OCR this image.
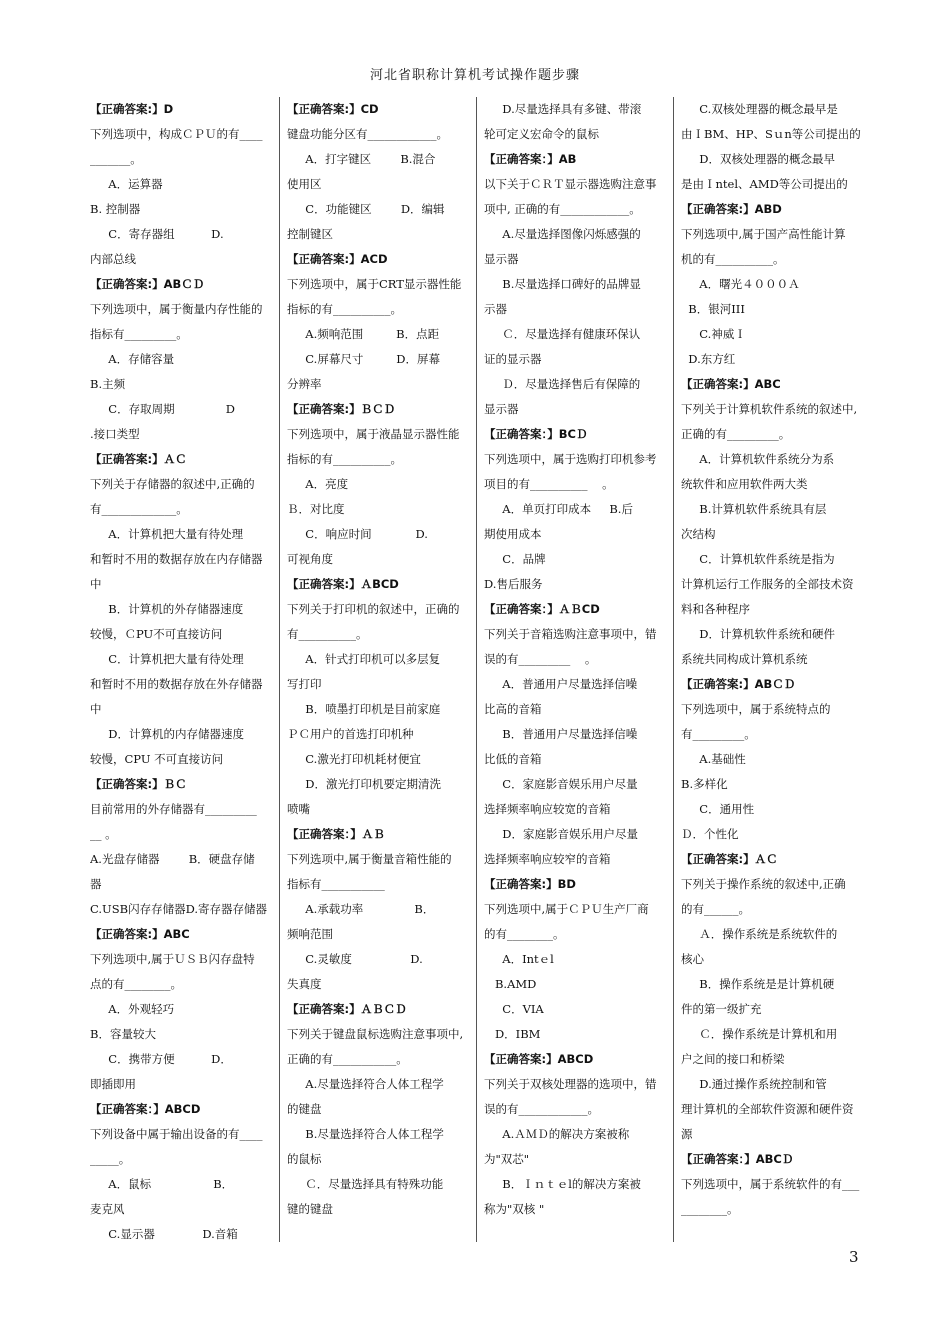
河北省职称计算机考试操作题步骤
【正确答案:】D
下列选项中，构成ＣＰＵ的有____
_______。
A．运算器
B. 控制器
C．寄存器组          D.
内部总线
【正确答案:】ABＣＤ
下列选项中，属于衡量内存性能的
指标有_________。
A．存储容量
B.主频
C．存取周期              D
.接口类型
【正确答案:】ＡＣ
下列关于存储器的叙述中,正确的
有_____________。
A．计算机把大量有待处理
和暂时不用的数据存放在内存储器
中
B．计算机的外存储器速度
较慢，ＣPU不可直接访问
C．计算机把大量有待处理
和暂时不用的数据存放在外存储器
中
D．计算机的内存储器速度
较慢，CPU 不可直接访问
【正确答案:】ＢＣ
目前常用的外存储器有_________
__ 。
A.光盘存储器        B．硬盘存储
器
C.USB闪存存储器D.寄存器存储器
【正确答案:】ABC
下列选项中,属于ＵＳＢ闪存盘特
点的有________。
A．外观轻巧
B．容量较大
C．携带方便          D．
即插即用
【正确答案：】ABCD
下列设备中属于输出设备的有____
_____。
A．鼠标                 B．
麦克风
C.显示器             D.音箱
【正确答案:】CD
键盘功能分区有____________。
A．打字键区        B.混合
使用区
C．功能键区        D．编辑
控制键区
【正确答案:】ACD
下列选项中，属于CRT显示器性能
指标的有__________。
A.频响范围         B．点距
C.屏幕尺寸         D．屏幕
分辨率
【正确答案:】ＢＣＤ
下列选项中，属于液晶显示器性能
指标的有__________。
A．亮度
Ｂ．对比度
C．响应时间            D.
可视角度
【正确答案:】ＡBCD
下列关于打印机的叙述中，正确的
有__________。
A．针式打印机可以多层复
写打印
B．喷墨打印机是目前家庭
ＰＣ用户的首选打印机种
C.激光打印机耗材便宜
D．激光打印机要定期清洗
喷嘴
【正确答案：】ＡＢ
下列选项中,属于衡量音箱性能的
指标有___________
A.承载功率              B．
频响范围
C.灵敏度                D.
失真度
【正确答案:】ＡＢＣＤ
下列关于键盘鼠标选购注意事项中,
正确的有___________。
A.尽量选择符合人体工程学
的键盘
B.尽量选择符合人体工程学
的鼠标
Ｃ．尽量选择具有特殊功能
键的键盘
D.尽量选择具有多键、带滚
轮可定义宏命令的鼠标
【正确答案：】AB
以下关于ＣＲＴ显示器选购注意事
项中, 正确的有____________。
A.尽量选择图像闪烁感强的
显示器
B.尽量选择口碑好的品牌显
示器
Ｃ．尽量选择有健康环保认
证的显示器
Ｄ．尽量选择售后有保障的
显示器
【正确答案：】BCＤ
下列选项中，属于选购打印机参考
项目的有__________    。
A．单页打印成本     B.后
期使用成本
C．品牌
D.售后服务
【正确答案：】ＡＢCD
下列关于音箱选购注意事项中，错
误的有_________    。
A．普通用户尽量选择信噪
比高的音箱
B．普通用户尽量选择信噪
比低的音箱
C．家庭影音娱乐用户尽量
选择频率响应较宽的音箱
D．家庭影音娱乐用户尽量
选择频率响应较窄的音箱
【正确答案:】BD
下列选项中,属于ＣＰＵ生产厂商
的有________。
A．Intｅl
B.AMD
C．VIA
D．IBM
【正确答案:】ABCD
下列关于双核处理器的选项中，错
误的有____________。
A.ＡＭＤ的解决方案被称
为"双芯"
B．Ｉｎｔｅl的解决方案被
称为"双核 "
C.双核处理器的概念最早是
由ＩBM、HP、Sｕn等公司提出的
D．双核处理器的概念最早
是由Ｉntel、AMD等公司提出的
【正确答案:】ABD
下列选项中,属于国产高性能计算
机的有__________。
A．曙光４０００Ａ
B．银河III
C.神威Ｉ
D.东方红
【正确答案:】ABC
下列关于计算机软件系统的叙述中,
正确的有_________。
A．计算机软件系统分为系
统软件和应用软件两大类
B.计算机软件系统具有层
次结构
C．计算机软件系统是指为
计算机运行工作服务的全部技术资
料和各种程序
D．计算机软件系统和硬件
系统共同构成计算机系统
【正确答案:】ABＣＤ
下列选项中，属于系统特点的
有_________。
A.基础性
B.多样化
C．通用性
Ｄ．个性化
【正确答案:】ＡＣ
下列关于操作系统的叙述中,正确
的有______。
Ａ．操作系统是系统软件的
核心
B．操作系统是是计算机硬
件的第一级扩充
Ｃ．操作系统是计算机和用
户之间的接口和桥梁
D.通过操作系统控制和管
理计算机的全部软件资源和硬件资
源
【正确答案：】ABCＤ
下列选项中，属于系统软件的有___
________。
3
